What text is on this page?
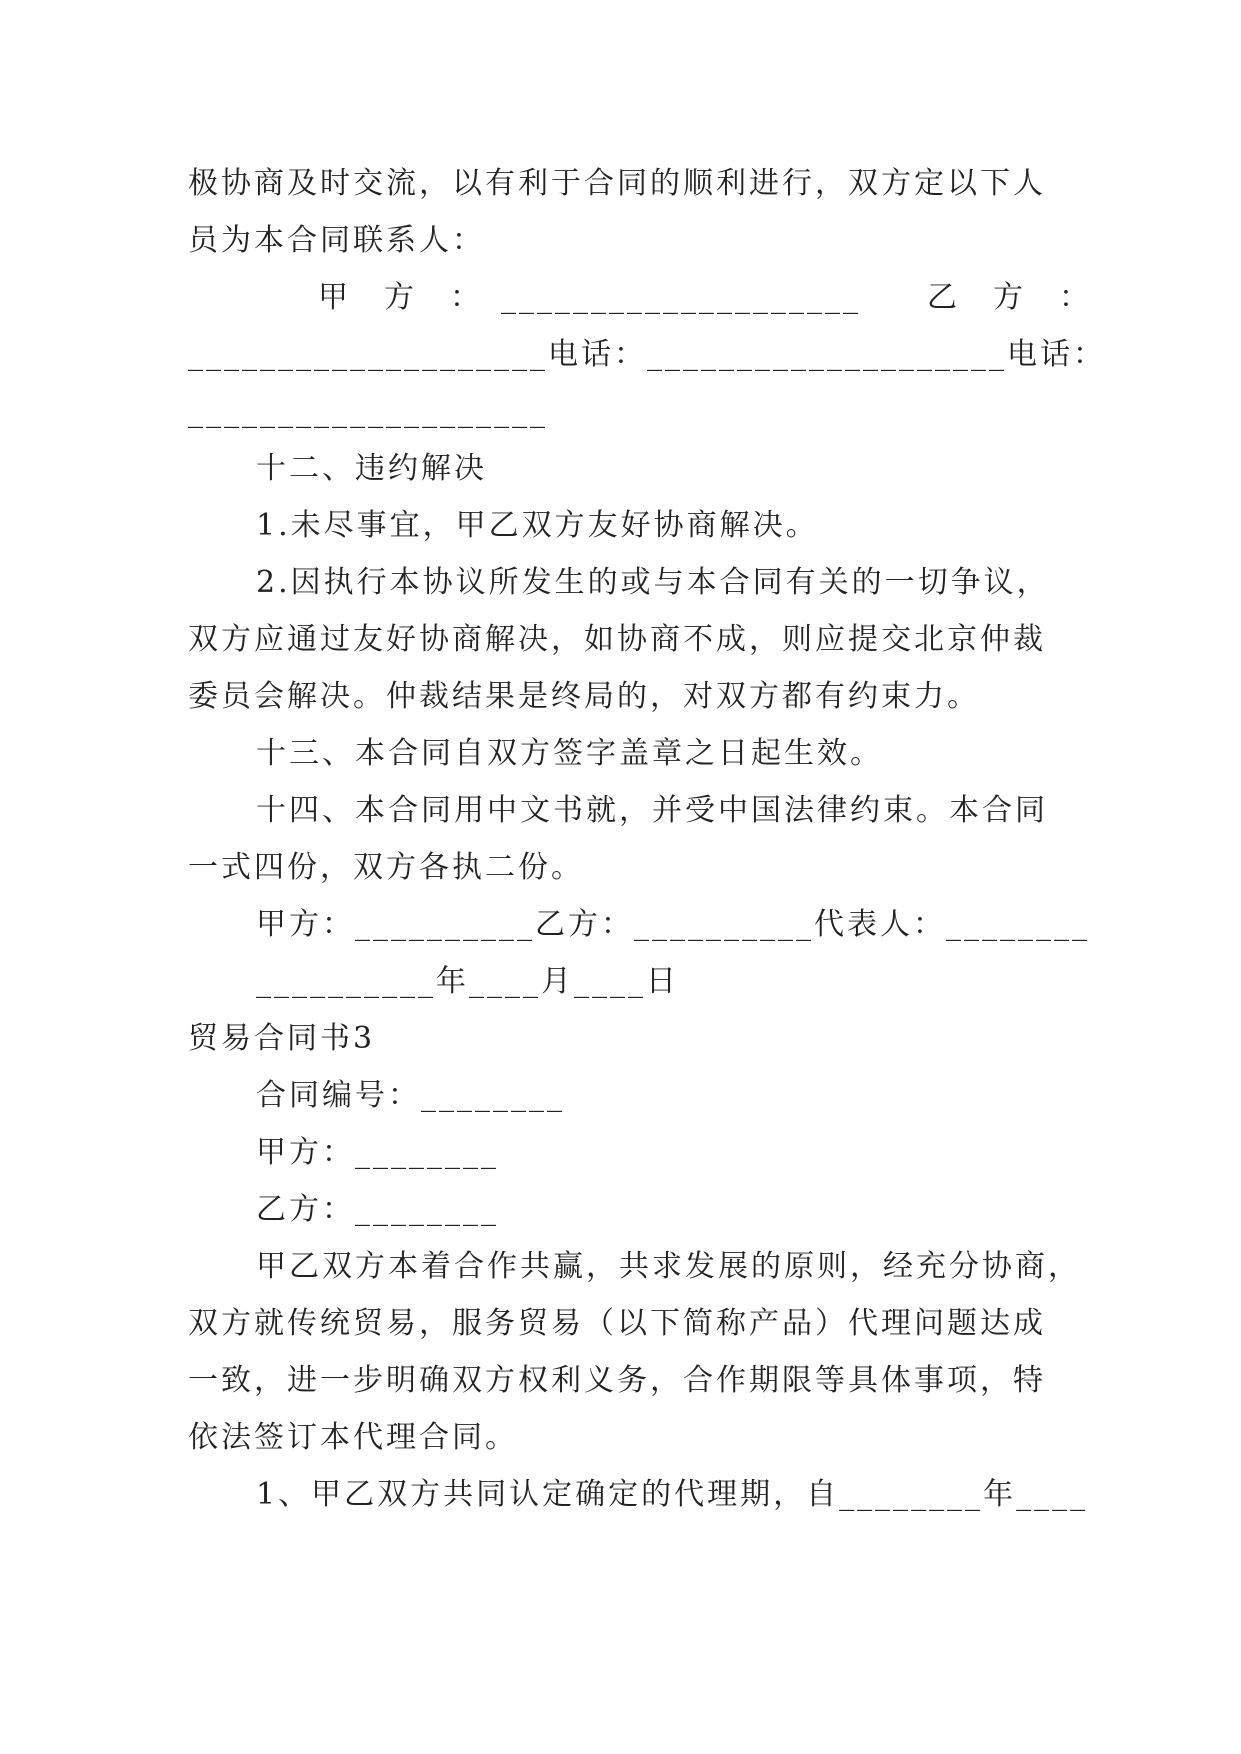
极协商及时交流，以有利于合同的顺利进行，双方定以下人
员为本合同联系人：
甲　方　：　____________________　　乙　方　：
____________________电话：____________________电话：
____________________
十二、违约解决
1.未尽事宜，甲乙双方友好协商解决。
2.因执行本协议所发生的或与本合同有关的一切争议，
双方应通过友好协商解决，如协商不成，则应提交北京仲裁
委员会解决。仲裁结果是终局的，对双方都有约束力。
十三、本合同自双方签字盖章之日起生效。
十四、本合同用中文书就，并受中国法律约束。本合同
一式四份，双方各执二份。
甲方：__________乙方：__________代表人：________
__________年____月____日
贸易合同书3
合同编号：________
甲方：________
乙方：________
甲乙双方本着合作共赢，共求发展的原则，经充分协商，
双方就传统贸易，服务贸易（以下简称产品）代理问题达成
一致，进一步明确双方权利义务，合作期限等具体事项，特
依法签订本代理合同。
1、甲乙双方共同认定确定的代理期，自________年____
